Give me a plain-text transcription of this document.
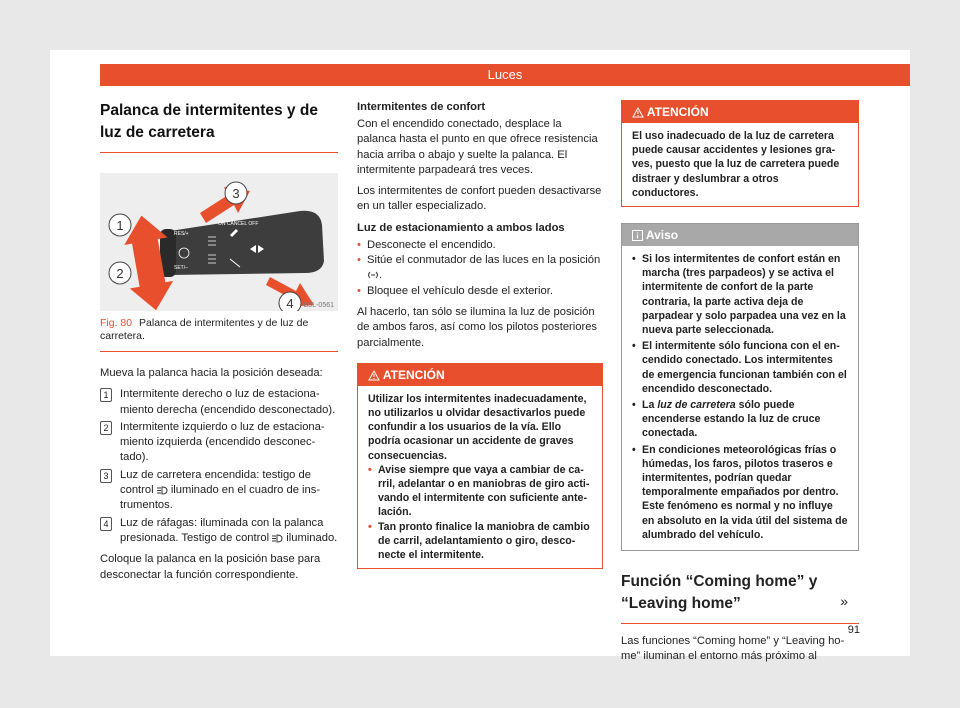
Luces
Palanca de intermitentes y de luz de carretera
1
2
3
4
ON CANCEL OFF
RES/+
SET/–
B5L-0561
Fig. 80 Palanca de intermitentes y de luz de carretera.

Mueva la palanca hacia la posición deseada:

1	Intermitente derecho o luz de estacionamiento derecha (encendido desconectado).
2	Intermitente izquierdo o luz de estacionamiento izquierda (encendido desconectado).
3	Luz de carretera encendida: testigo de control iluminado en el cuadro de instrumentos.
4	Luz de ráfagas: iluminada con la palanca presionada. Testigo de control iluminado.

Coloque la palanca en la posición base para desconectar la función correspondiente.

Intermitentes de confort

Con el encendido conectado, desplace la palanca hasta el punto en que ofrece resistencia hacia arriba o abajo y suelte la palanca. El intermitente parpadeará tres veces.

Los intermitentes de confort pueden desactivarse en un taller especializado.

Luz de estacionamiento a ambos lados
• Desconecte el encendido.
• Sitúe el conmutador de las luces en la posición .
• Bloquee el vehículo desde el exterior.

Al hacerlo, tan sólo se ilumina la luz de posición de ambos faros, así como los pilotos posteriores parcialmente.

ATENCIÓN
Utilizar los intermitentes inadecuadamente, no utilizarlos u olvidar desactivarlos puede confundir a los usuarios de la vía. Ello podría ocasionar un accidente de graves consecuencias.
• Avise siempre que vaya a cambiar de carril, adelantar o en maniobras de giro activando el intermitente con suficiente antelación.
• Tan pronto finalice la maniobra de cambio de carril, adelantamiento o giro, desconecte el intermitente.
ATENCIÓN
El uso inadecuado de la luz de carretera puede causar accidentes y lesiones graves, puesto que la luz de carretera puede distraer y deslumbrar a otros conductores.
Aviso
• Si los intermitentes de confort están en marcha (tres parpadeos) y se activa el intermitente de confort de la parte contraria, la parte activa deja de parpadear y solo parpadea una vez en la nueva parte seleccionada.
• El intermitente sólo funciona con el encendido conectado. Los intermitentes de emergencia funcionan también con el encendido desconectado.
• La luz de carretera sólo puede encenderse estando la luz de cruce conectada.
• En condiciones meteorológicas frías o húmedas, los faros, pilotos traseros e intermitentes, podrían quedar temporalmente empañados por dentro. Este fenómeno es normal y no influye en absoluto en la vida útil del sistema de alumbrado del vehículo.
Función “Coming home” y “Leaving home”

Las funciones “Coming home” y “Leaving home” iluminan el entorno más próximo al

»
91
